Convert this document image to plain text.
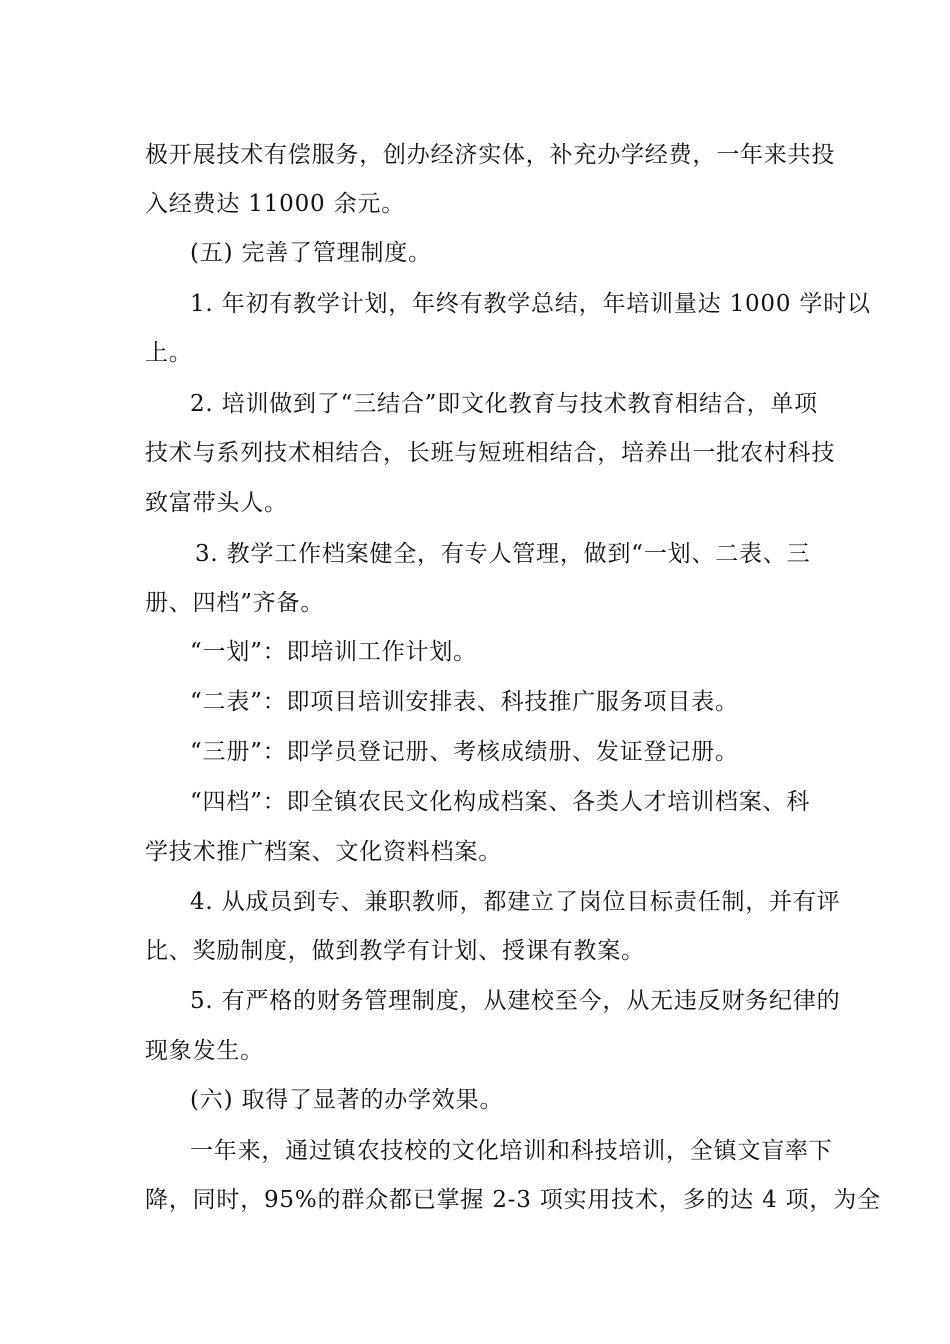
极开展技术有偿服务，创办经济实体，补充办学经费，一年来共投
入经费达 11000 余元。
(五) 完善了管理制度。
1. 年初有教学计划，年终有教学总结，年培训量达 1000 学时以
上。
2. 培训做到了“三结合”即文化教育与技术教育相结合，单项
技术与系列技术相结合，长班与短班相结合，培养出一批农村科技
致富带头人。
3. 教学工作档案健全，有专人管理，做到“一划、二表、三
册、四档”齐备。
“一划”：即培训工作计划。
“二表”：即项目培训安排表、科技推广服务项目表。
“三册”：即学员登记册、考核成绩册、发证登记册。
“四档”：即全镇农民文化构成档案、各类人才培训档案、科
学技术推广档案、文化资料档案。
4. 从成员到专、兼职教师，都建立了岗位目标责任制，并有评
比、奖励制度，做到教学有计划、授课有教案。
5. 有严格的财务管理制度，从建校至今，从无违反财务纪律的
现象发生。
(六) 取得了显著的办学效果。
一年来，通过镇农技校的文化培训和科技培训，全镇文盲率下
降，同时，95%的群众都已掌握 2-3 项实用技术，多的达 4 项，为全
